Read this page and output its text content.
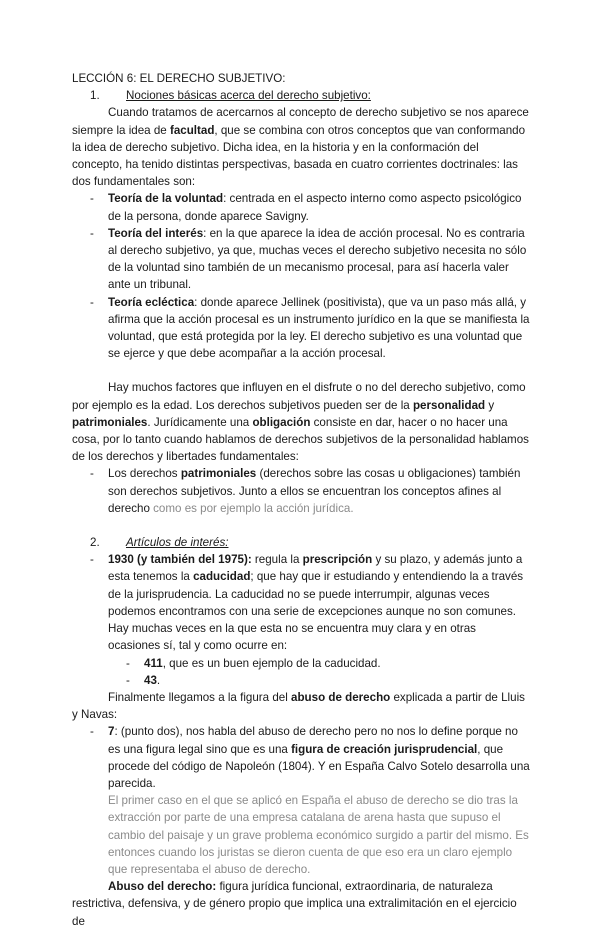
LECCIÓN 6: EL DERECHO SUBJETIVO:

1. Nociones básicas acerca del derecho subjetivo:

Cuando tratamos de acercarnos al concepto de derecho subjetivo se nos aparece siempre la idea de facultad, que se combina con otros conceptos que van conformando la idea de derecho subjetivo. Dicha idea, en la historia y en la conformación del concepto, ha tenido distintas perspectivas, basada en cuatro corrientes doctrinales: las dos fundamentales son:

- Teoría de la voluntad: centrada en el aspecto interno como aspecto psicológico de la persona, donde aparece Savigny.
- Teoría del interés: en la que aparece la idea de acción procesal. No es contraria al derecho subjetivo, ya que, muchas veces el derecho subjetivo necesita no sólo de la voluntad sino también de un mecanismo procesal, para así hacerla valer ante un tribunal.
- Teoría ecléctica: donde aparece Jellinek (positivista), que va un paso más allá, y afirma que la acción procesal es un instrumento jurídico en la que se manifiesta la voluntad, que está protegida por la ley. El derecho subjetivo es una voluntad que se ejerce y que debe acompañar a la acción procesal.

Hay muchos factores que influyen en el disfrute o no del derecho subjetivo, como por ejemplo es la edad. Los derechos subjetivos pueden ser de la personalidad y patrimoniales. Jurídicamente una obligación consiste en dar, hacer o no hacer una cosa, por lo tanto cuando hablamos de derechos subjetivos de la personalidad hablamos de los derechos y libertades fundamentales:

- Los derechos patrimoniales (derechos sobre las cosas u obligaciones) también son derechos subjetivos. Junto a ellos se encuentran los conceptos afines al derecho como es por ejemplo la acción jurídica.
2. Artículos de interés:
- 1930 (y también del 1975): regula la prescripción y su plazo, y además junto a esta tenemos la caducidad; que hay que ir estudiando y entendiendo la a través de la jurisprudencia. La caducidad no se puede interrumpir, algunas veces podemos encontramos con una serie de excepciones aunque no son comunes. Hay muchas veces en la que esta no se encuentra muy clara y en otras ocasiones sí, tal y como ocurre en:
- 411, que es un buen ejemplo de la caducidad.
- 43.

Finalmente llegamos a la figura del abuso de derecho explicada a partir de Lluis y Navas:

- 7: (punto dos), nos habla del abuso de derecho pero no nos lo define porque no es una figura legal sino que es una figura de creación jurisprudencial, que procede del código de Napoleón (1804). Y en España Calvo Sotelo desarrolla una parecida.

El primer caso en el que se aplicó en España el abuso de derecho se dio tras la extracción por parte de una empresa catalana de arena hasta que supuso el cambio del paisaje y un grave problema económico surgido a partir del mismo. Es entonces cuando los juristas se dieron cuenta de que eso era un claro ejemplo que representaba el abuso de derecho.

Abuso del derecho: figura jurídica funcional, extraordinaria, de naturaleza restrictiva, defensiva, y de género propio que implica una extralimitación en el ejercicio de
